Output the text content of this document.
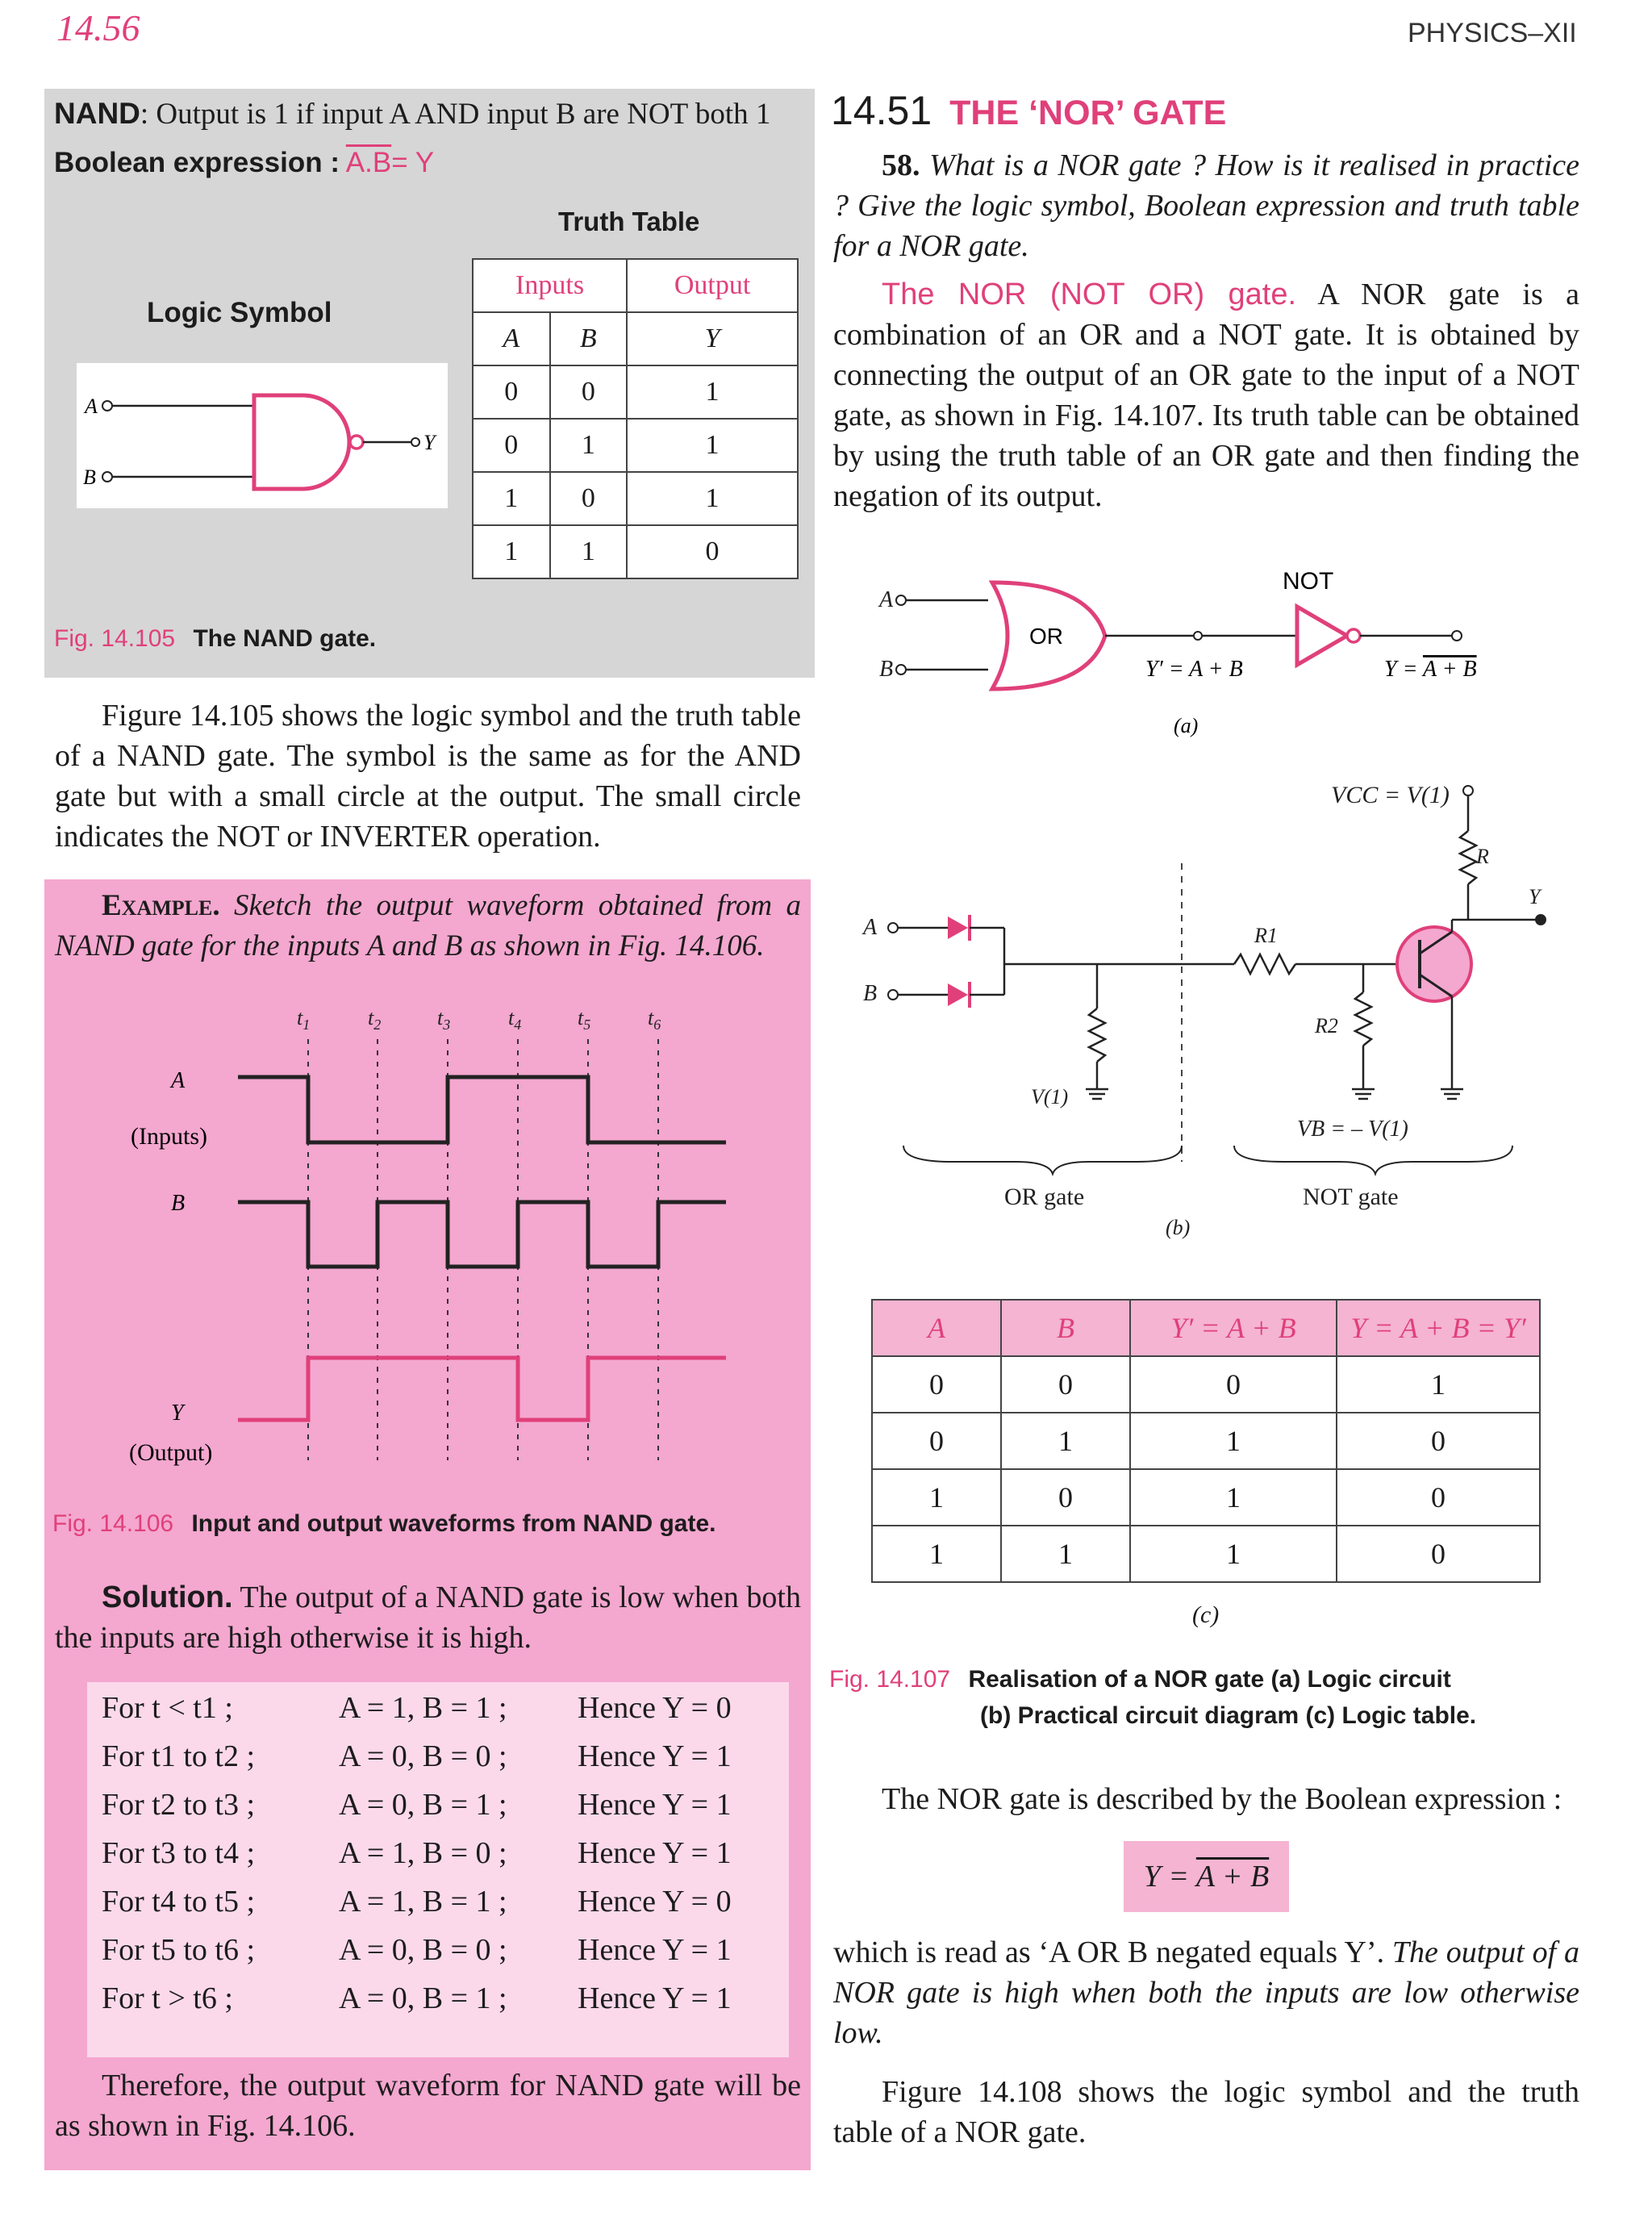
14.56	PHYSICS–XII
NAND: Output is 1 if input A AND input B are NOT both 1
Boolean expression : A.B= Y
Truth Table
Logic Symbol
A
B
Y
Inputs		Output
A	B	Y
0	0	1
0	1	1
1	0	1
1	1	0
Fig. 14.105 The NAND gate.

Figure 14.105 shows the logic symbol and the truth table of a NAND gate. The symbol is the same as for the AND gate but with a small circle at the output. The small circle indicates the NOT or INVERTER operation.

Example. Sketch the output waveform obtained from a NAND gate for the inputs A and B as shown in Fig. 14.106.
$t_1$	$t_2$	$t_3$	$t_4$	$t_5$	$t_6$
A
(Inputs)
B
Y
(Output)
Fig. 14.106 Input and output waveforms from NAND gate.

Solution. The output of a NAND gate is low when both the inputs are high otherwise it is high.

For t < t1 ;	A = 1, B = 1 ; Hence Y = 0
For t1 to t2 ;	A = 0, B = 0 ; Hence Y = 1
For t2 to t3 ;	A = 0, B = 1 ; Hence Y = 1
For t3 to t4 ;	A = 1, B = 0 ; Hence Y = 1
For t4 to t5 ;	A = 1, B = 1 ; Hence Y = 0
For t5 to t6 ;	A = 0, B = 0 ; Hence Y = 1
For t > t6 ;	A = 0, B = 1 ; Hence Y = 1

Therefore, the output waveform for NAND gate will be as shown in Fig. 14.106.

14.51 THE ‘NOR’ GATE

58. What is a NOR gate ? How is it realised in practice ? Give the logic symbol, Boolean expression and truth table for a NOR gate.

The NOR (NOT OR) gate. A NOR gate is a combination of an OR and a NOT gate. It is obtained by connecting the output of an OR gate to the input of a NOT gate, as shown in Fig. 14.107. Its truth table can be obtained by using the truth table of an OR gate and then finding the negation of its output.

A
B
OR
Y′ = A + B
NOT
Y = A + B
(a)
VCC = V(1)
R
Y
A
B
R1
R2
V(1)
VB = – V(1)
OR gate	NOT gate
(b)
A	B	Y′ = A + B	Y = A + B = Y′
0	0	0	1
0	1	1	0
1	0	1	0
1	1	1	0
(c)
Fig. 14.107 Realisation of a NOR gate (a) Logic circuit
(b) Practical circuit diagram (c) Logic table.

The NOR gate is described by the Boolean expression :

Y = A + B

which is read as ‘A OR B negated equals Y’. The output of a NOR gate is high when both the inputs are low otherwise low.

Figure 14.108 shows the logic symbol and the truth table of a NOR gate.
